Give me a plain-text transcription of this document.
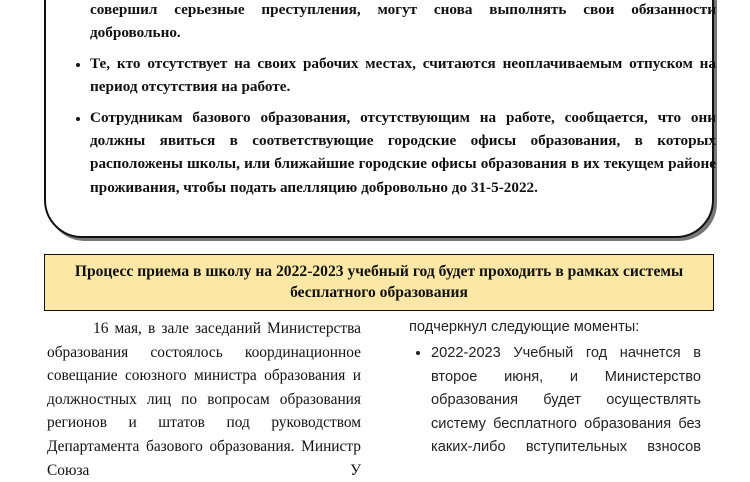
совершил серьезные преступления, могут снова выполнять свои обязанности добровольно.
• Те, кто отсутствует на своих рабочих местах, считаются неоплачиваемым отпуском на период отсутствия на работе.
• Сотрудникам базового образования, отсутствующим на работе, сообщается, что они должны явиться в соответствующие городские офисы образования, в которых расположены школы, или ближайшие городские офисы образования в их текущем районе проживания, чтобы подать апелляцию добровольно до 31-5-2022.
Процесс приема в школу на 2022-2023 учебный год будет проходить в рамках системы бесплатного образования

16 мая, в зале заседаний Министерства образования состоялось координационное совещание союзного министра образования и должностных лиц по вопросам образования регионов и штатов под руководством Департамента базового образования. Министр Союза У

подчеркнул следующие моменты:

• 2022-2023 Учебный год начнется в второе июня, и Министерство образования будет осуществлять систему бесплатного образования без каких-либо вступительных взносов
